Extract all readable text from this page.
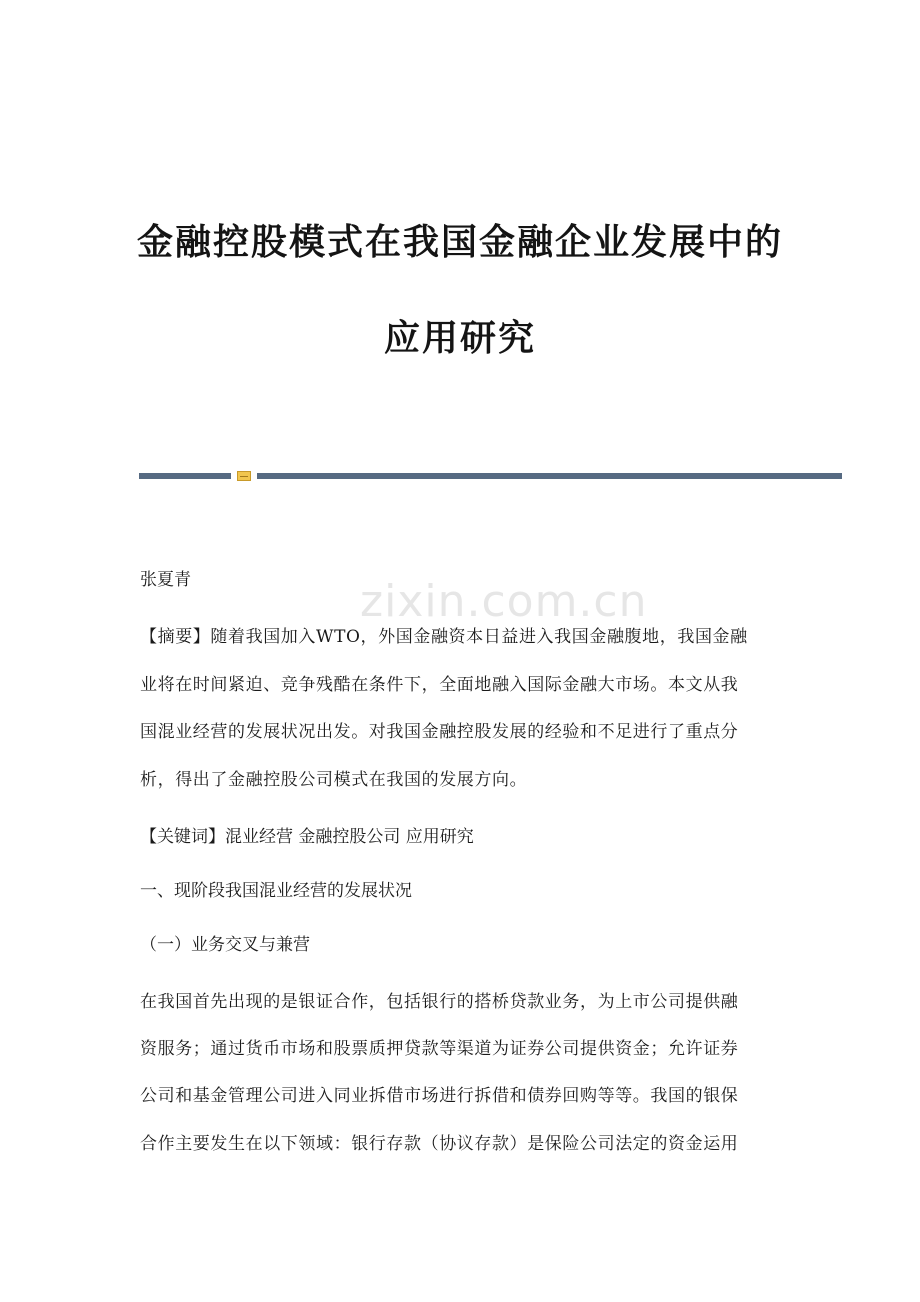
金融控股模式在我国金融企业发展中的
应用研究
zixin.com.cn
张夏青
【摘要】随着我国加入WTO，外国金融资本日益进入我国金融腹地，我国金融
业将在时间紧迫、竞争残酷在条件下，全面地融入国际金融大市场。本文从我
国混业经营的发展状况出发。对我国金融控股发展的经验和不足进行了重点分
析，得出了金融控股公司模式在我国的发展方向。
【关键词】混业经营 金融控股公司 应用研究
一、现阶段我国混业经营的发展状况
（一）业务交叉与兼营
在我国首先出现的是银证合作，包括银行的搭桥贷款业务，为上市公司提供融
资服务；通过货币市场和股票质押贷款等渠道为证券公司提供资金；允许证券
公司和基金管理公司进入同业拆借市场进行拆借和债券回购等等。我国的银保
合作主要发生在以下领域：银行存款（协议存款）是保险公司法定的资金运用
